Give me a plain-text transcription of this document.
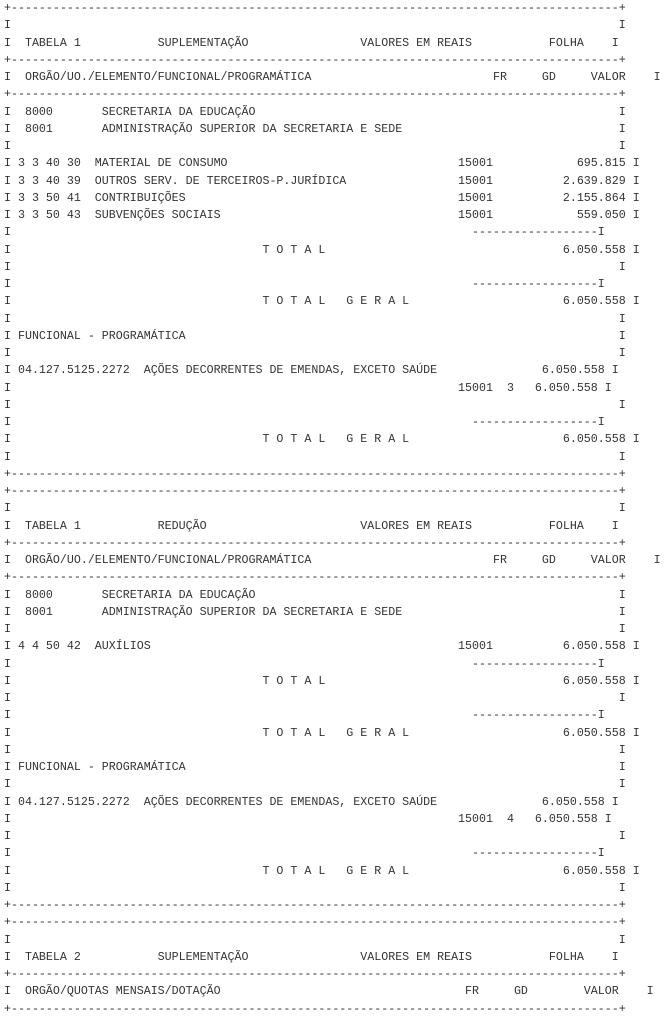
+---------------------------------------------------------------------------------------+
I                                                                                       I
I  TABELA 1           SUPLEMENTAÇÃO                VALORES EM REAIS           FOLHA    I
+---------------------------------------------------------------------------------------+
I  ORGÃO/UO./ELEMENTO/FUNCIONAL/PROGRAMÁTICA                          FR     GD     VALOR    I
+---------------------------------------------------------------------------------------+
I  8000       SECRETARIA DA EDUCAÇÃO                                                    I
I  8001       ADMINISTRAÇÃO SUPERIOR DA SECRETARIA E SEDE                               I
I                                                                                       I
I 3 3 40 30  MATERIAL DE CONSUMO                                 15001            695.815 I
I 3 3 40 39  OUTROS SERV. DE TERCEIROS-P.JURÍDICA                15001          2.639.829 I
I 3 3 50 41  CONTRIBUIÇÕES                                       15001          2.155.864 I
I 3 3 50 43  SUBVENÇÕES SOCIAIS                                  15001            559.050 I
I                                                                  ------------------I
I                                    T O T A L                                  6.050.558 I
I                                                                                       I
I                                                                  ------------------I
I                                    T O T A L   G E R A L                      6.050.558 I
I                                                                                       I
I FUNCIONAL - PROGRAMÁTICA                                                              I
I                                                                                       I
I 04.127.5125.2272  AÇÕES DECORRENTES DE EMENDAS, EXCETO SAÚDE               6.050.558 I
I                                                                15001  3   6.050.558 I
I                                                                                       I
I                                                                  ------------------I
I                                    T O T A L   G E R A L                      6.050.558 I
I                                                                                       I
+---------------------------------------------------------------------------------------+
+---------------------------------------------------------------------------------------+
I                                                                                       I
I  TABELA 1           REDUÇÃO                      VALORES EM REAIS           FOLHA    I
+---------------------------------------------------------------------------------------+
I  ORGÃO/UO./ELEMENTO/FUNCIONAL/PROGRAMÁTICA                          FR     GD     VALOR    I
+---------------------------------------------------------------------------------------+
I  8000       SECRETARIA DA EDUCAÇÃO                                                    I
I  8001       ADMINISTRAÇÃO SUPERIOR DA SECRETARIA E SEDE                               I
I                                                                                       I
I 4 4 50 42  AUXÍLIOS                                            15001          6.050.558 I
I                                                                  ------------------I
I                                    T O T A L                                  6.050.558 I
I                                                                                       I
I                                                                  ------------------I
I                                    T O T A L   G E R A L                      6.050.558 I
I                                                                                       I
I FUNCIONAL - PROGRAMÁTICA                                                              I
I                                                                                       I
I 04.127.5125.2272  AÇÕES DECORRENTES DE EMENDAS, EXCETO SAÚDE               6.050.558 I
I                                                                15001  4   6.050.558 I
I                                                                                       I
I                                                                  ------------------I
I                                    T O T A L   G E R A L                      6.050.558 I
I                                                                                       I
+---------------------------------------------------------------------------------------+
+---------------------------------------------------------------------------------------+
I                                                                                       I
I  TABELA 2           SUPLEMENTAÇÃO                VALORES EM REAIS           FOLHA    I
+---------------------------------------------------------------------------------------+
I  ORGÃO/QUOTAS MENSAIS/DOTAÇÃO                                   FR     GD        VALOR    I
+---------------------------------------------------------------------------------------+
